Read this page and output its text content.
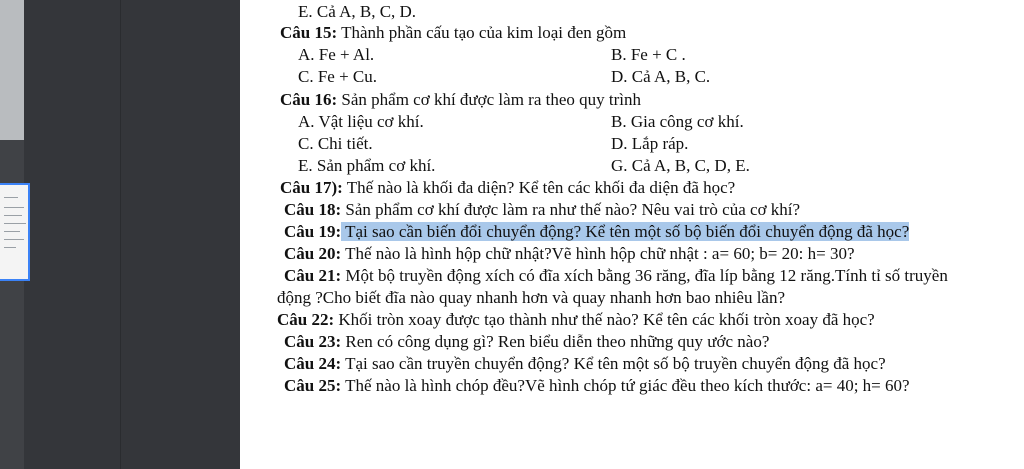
E. Cả A, B, C, D.
Câu 15: Thành phần cấu tạo của kim loại đen gồm
A. Fe + Al.	B. Fe + C .
C. Fe + Cu.	D. Cả A, B, C.
Câu 16: Sản phẩm cơ khí được làm ra theo quy trình
A. Vật liệu cơ khí.	B. Gia công cơ khí.
C. Chi tiết.	D. Lắp ráp.
E. Sản phẩm cơ khí.	G. Cả A, B, C, D, E.
Câu 17): Thế nào là khối đa diện? Kể tên các khối đa diện đã học?
Câu 18: Sản phẩm cơ khí được làm ra như thế nào? Nêu vai trò của cơ khí?
Câu 19: Tại sao cần biến đổi chuyển động? Kể tên một số bộ biến đổi chuyển động đã học?
Câu 20: Thế nào là hình hộp chữ nhật?Vẽ hình hộp chữ nhật : a= 60; b= 20: h= 30?
Câu 21: Một bộ truyền động xích có đĩa xích bằng 36 răng, đĩa líp bằng 12 răng.Tính tỉ số truyền
động ?Cho biết đĩa nào quay nhanh hơn và quay nhanh hơn bao nhiêu lần?
Câu 22: Khối tròn xoay được tạo thành như thế nào? Kể tên các khối tròn xoay đã học?
Câu 23: Ren có công dụng gì? Ren biểu diễn theo những quy ước nào?
Câu 24: Tại sao cần truyền chuyển động? Kể tên một số bộ truyền chuyển động đã học?
Câu 25: Thế nào là hình chóp đều?Vẽ hình chóp tứ giác đều theo kích thước: a= 40; h= 60?
